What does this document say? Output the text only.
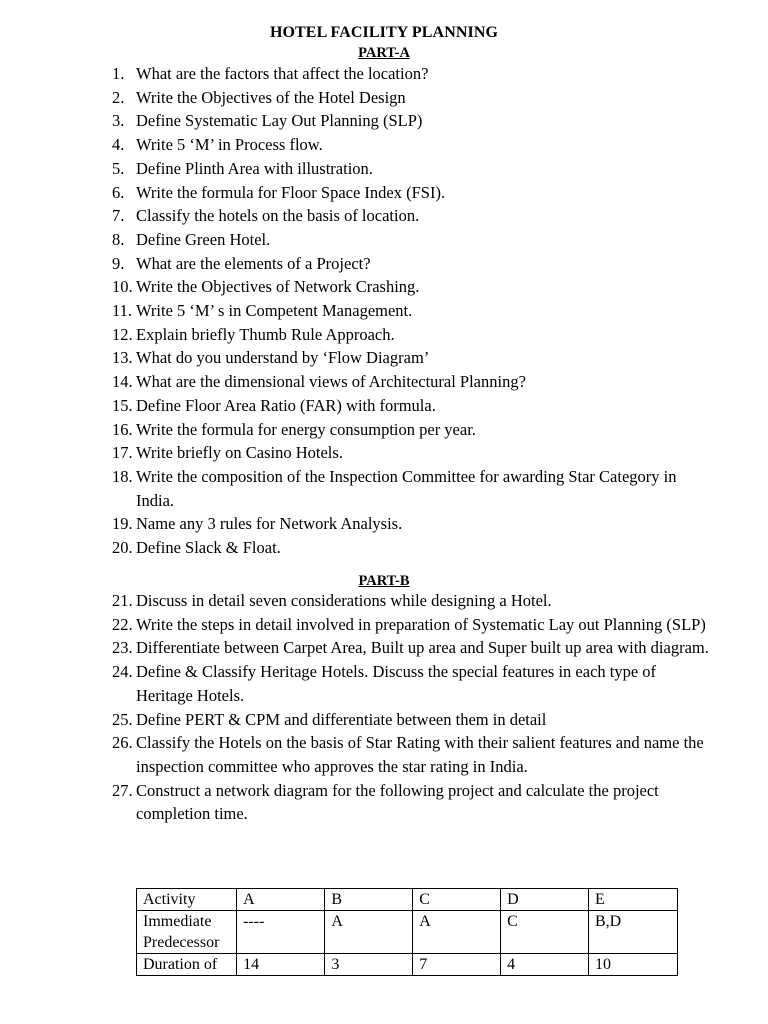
HOTEL FACILITY PLANNING
PART-A
1. What are the factors that affect the location?
2. Write the Objectives of the Hotel Design
3. Define Systematic Lay Out Planning (SLP)
4. Write 5 ‘M’ in Process flow.
5. Define Plinth Area with illustration.
6. Write the formula for Floor Space Index (FSI).
7. Classify the hotels on the basis of location.
8. Define Green Hotel.
9. What are the elements of a Project?
10. Write the Objectives of Network Crashing.
11. Write 5 ‘M’ s in Competent Management.
12. Explain briefly Thumb Rule Approach.
13. What do you understand by ‘Flow Diagram’
14. What are the dimensional views of Architectural Planning?
15. Define Floor Area Ratio (FAR) with formula.
16. Write the formula for energy consumption per year.
17. Write briefly on Casino Hotels.
18. Write the composition of the Inspection Committee for awarding Star Category in India.
19. Name any 3 rules for Network Analysis.
20. Define Slack & Float.
PART-B
21. Discuss in detail seven considerations while designing a Hotel.
22. Write the steps in detail involved in preparation of Systematic Lay out Planning (SLP)
23. Differentiate between Carpet Area, Built up area and Super built up area with diagram.
24. Define & Classify Heritage Hotels. Discuss the special features in each type of Heritage Hotels.
25. Define PERT & CPM and differentiate between them in detail
26. Classify the Hotels on the basis of Star Rating with their salient features and name the inspection committee who approves the star rating in India.
27. Construct a network diagram for the following project and calculate the project completion time.
Activity	A	B	C	D	E
Immediate Predecessor	----	A	A	C	B,D
Duration of	14	3	7	4	10
